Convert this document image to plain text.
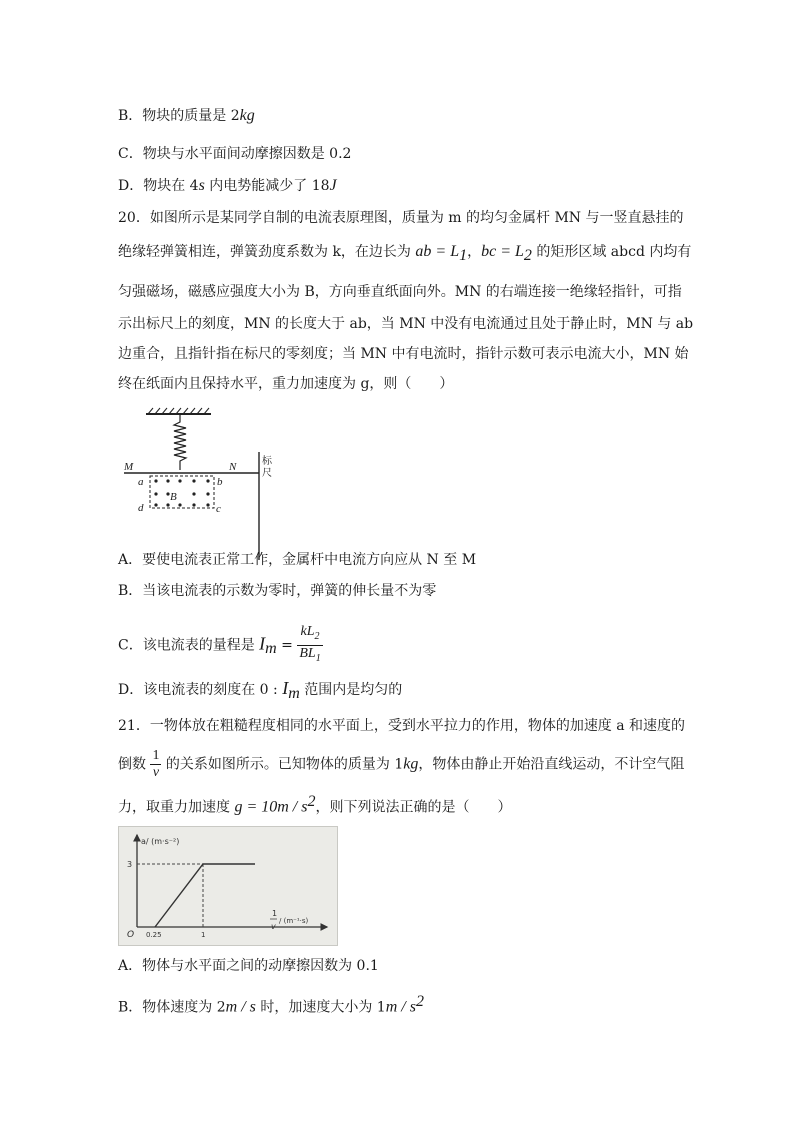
B．物块的质量是 2kg
C．物块与水平面间动摩擦因数是 0.2
D．物块在 4s 内电势能减少了 18J
20．如图所示是某同学自制的电流表原理图，质量为 m 的均匀金属杆 MN 与一竖直悬挂的
绝缘轻弹簧相连，弹簧劲度系数为 k，在边长为 ab = $L_1$，bc = $L_2$ 的矩形区域 abcd 内均有
匀强磁场，磁感应强度大小为 B，方向垂直纸面向外。MN 的右端连接一绝缘轻指针，可指
示出标尺上的刻度，MN 的长度大于 ab，当 MN 中没有电流通过且处于静止时，MN 与 ab
边重合，且指针指在标尺的零刻度；当 MN 中有电流时，指针示数可表示电流大小，MN 始
终在纸面内且保持水平，重力加速度为 g，则（　　）
M	N
a	b
d	c
B
标
尺
A．要使电流表正常工作，金属杆中电流方向应从 N 至 M
B．当该电流表的示数为零时，弹簧的伸长量不为零
C．该电流表的量程是 $I_m = \frac{kL_2}{BL_1}$
D．该电流表的刻度在 0 : $I_m$ 范围内是均匀的
21．一物体放在粗糙程度相同的水平面上，受到水平拉力的作用，物体的加速度 a 和速度的
倒数 $\frac{1}{v}$ 的关系如图所示。已知物体的质量为 1kg，物体由静止开始沿直线运动，不计空气阻
力，取重力加速度 $g = 10m / s^2$，则下列说法正确的是（　　）
a/ (m·s⁻²)
3
O 0.25	1
1
v
/ (m⁻¹·s)
A．物体与水平面之间的动摩擦因数为 0.1
B．物体速度为 2m / s 时，加速度大小为 $1m / s^2$
